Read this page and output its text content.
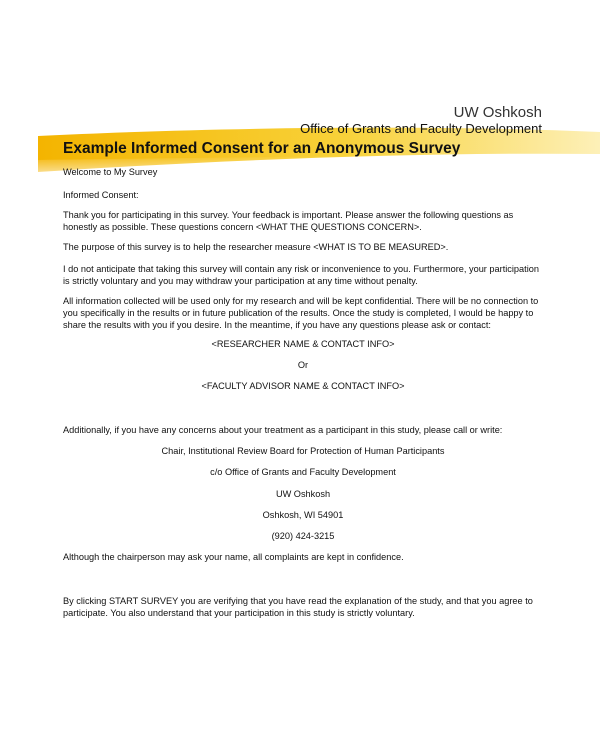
UW Oshkosh
Office of Grants and Faculty Development
Example Informed Consent for an Anonymous Survey
Welcome to My Survey
Informed Consent:
Thank you for participating in this survey. Your feedback is important. Please answer the following questions as honestly as possible. These questions concern <WHAT THE QUESTIONS CONCERN>.
The purpose of this survey is to help the researcher measure <WHAT IS TO BE MEASURED>.
I do not anticipate that taking this survey will contain any risk or inconvenience to you. Furthermore, your participation is strictly voluntary and you may withdraw your participation at any time without penalty.
All information collected will be used only for my research and will be kept confidential. There will be no connection to you specifically in the results or in future publication of the results. Once the study is completed, I would be happy to share the results with you if you desire. In the meantime, if you have any questions please ask or contact:
<RESEARCHER NAME & CONTACT INFO>
Or
<FACULTY ADVISOR NAME & CONTACT INFO>
Additionally, if you have any concerns about your treatment as a participant in this study, please call or write:
Chair, Institutional Review Board for Protection of Human Participants
c/o Office of Grants and Faculty Development
UW Oshkosh
Oshkosh, WI 54901
(920) 424-3215
Although the chairperson may ask your name, all complaints are kept in confidence.
By clicking START SURVEY you are verifying that you have read the explanation of the study, and that you agree to participate. You also understand that your participation in this study is strictly voluntary.
